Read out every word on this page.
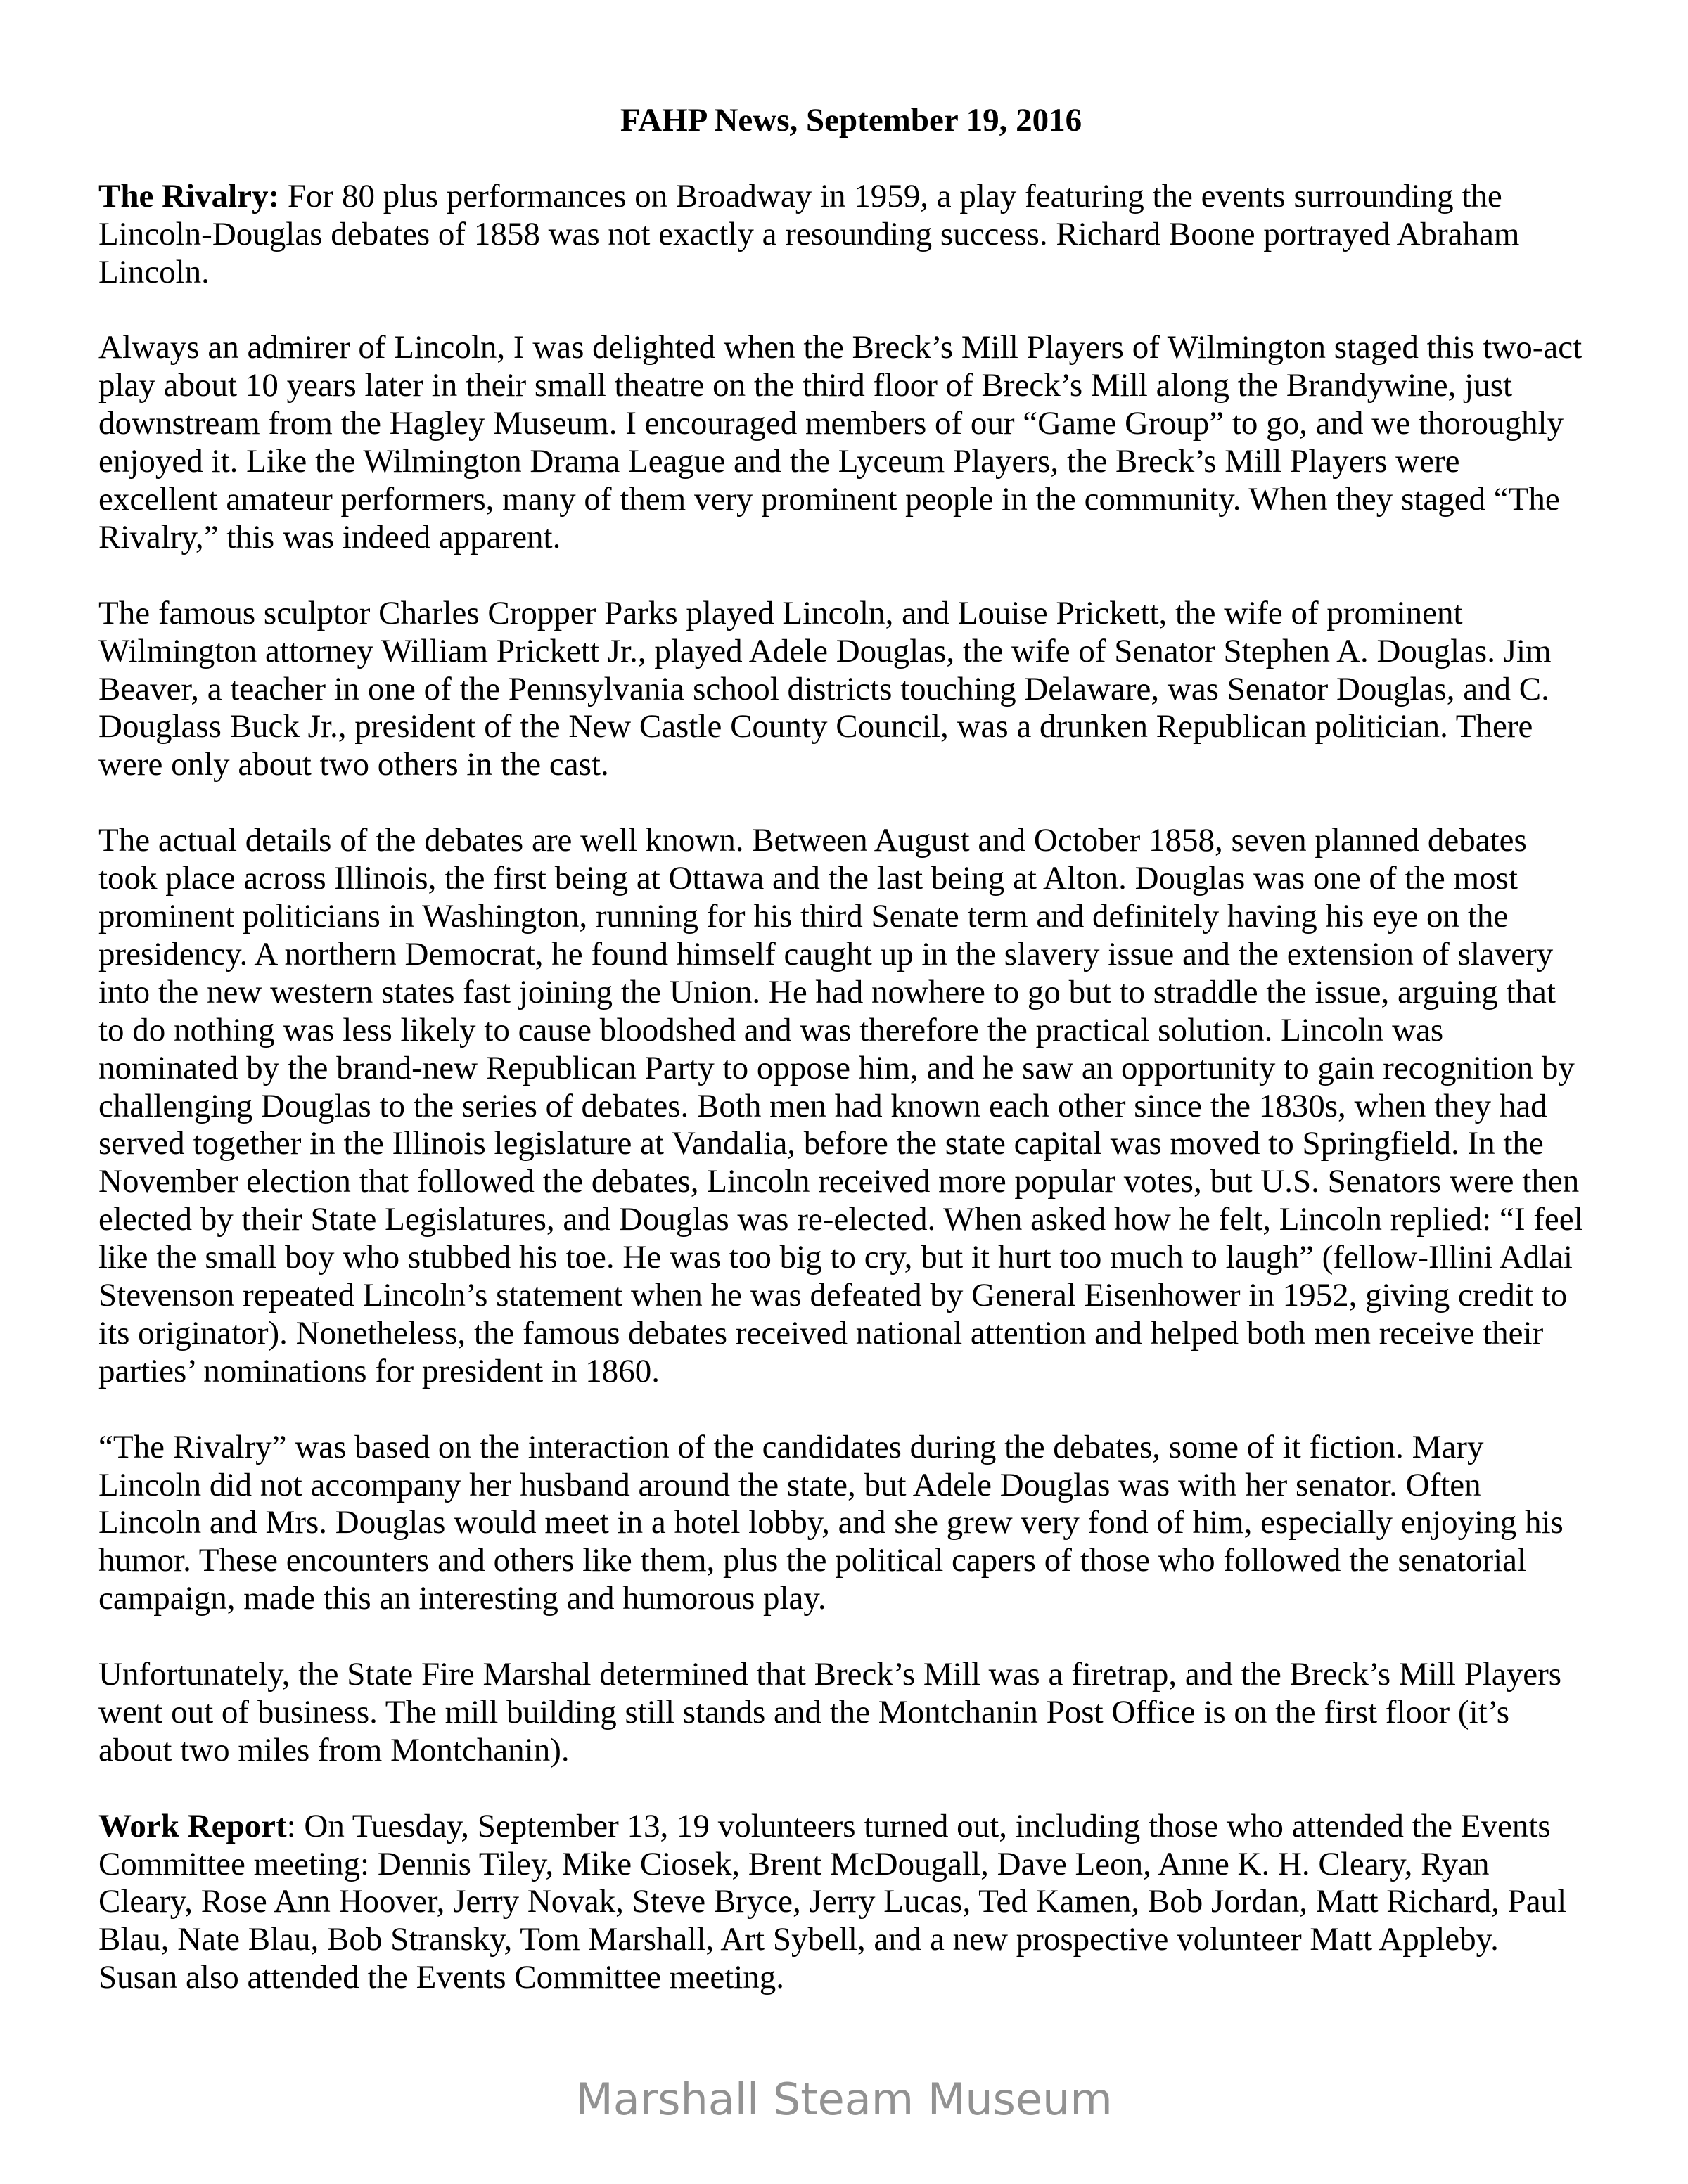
FAHP News, September 19, 2016
The Rivalry: For 80 plus performances on Broadway in 1959, a play featuring the events surrounding the
Lincoln-Douglas debates of 1858 was not exactly a resounding success. Richard Boone portrayed Abraham
Lincoln.
Always an admirer of Lincoln, I was delighted when the Breck’s Mill Players of Wilmington staged this two-act
play about 10 years later in their small theatre on the third floor of Breck’s Mill along the Brandywine, just
downstream from the Hagley Museum. I encouraged members of our “Game Group” to go, and we thoroughly
enjoyed it. Like the Wilmington Drama League and the Lyceum Players, the Breck’s Mill Players were
excellent amateur performers, many of them very prominent people in the community. When they staged “The
Rivalry,” this was indeed apparent.
The famous sculptor Charles Cropper Parks played Lincoln, and Louise Prickett, the wife of prominent
Wilmington attorney William Prickett Jr., played Adele Douglas, the wife of Senator Stephen A. Douglas. Jim
Beaver, a teacher in one of the Pennsylvania school districts touching Delaware, was Senator Douglas, and C.
Douglass Buck Jr., president of the New Castle County Council, was a drunken Republican politician. There
were only about two others in the cast.
The actual details of the debates are well known. Between August and October 1858, seven planned debates
took place across Illinois, the first being at Ottawa and the last being at Alton. Douglas was one of the most
prominent politicians in Washington, running for his third Senate term and definitely having his eye on the
presidency. A northern Democrat, he found himself caught up in the slavery issue and the extension of slavery
into the new western states fast joining the Union. He had nowhere to go but to straddle the issue, arguing that
to do nothing was less likely to cause bloodshed and was therefore the practical solution. Lincoln was
nominated by the brand-new Republican Party to oppose him, and he saw an opportunity to gain recognition by
challenging Douglas to the series of debates. Both men had known each other since the 1830s, when they had
served together in the Illinois legislature at Vandalia, before the state capital was moved to Springfield. In the
November election that followed the debates, Lincoln received more popular votes, but U.S. Senators were then
elected by their State Legislatures, and Douglas was re-elected. When asked how he felt, Lincoln replied: “I feel
like the small boy who stubbed his toe. He was too big to cry, but it hurt too much to laugh” (fellow-Illini Adlai
Stevenson repeated Lincoln’s statement when he was defeated by General Eisenhower in 1952, giving credit to
its originator). Nonetheless, the famous debates received national attention and helped both men receive their
parties’ nominations for president in 1860.
“The Rivalry” was based on the interaction of the candidates during the debates, some of it fiction. Mary
Lincoln did not accompany her husband around the state, but Adele Douglas was with her senator. Often
Lincoln and Mrs. Douglas would meet in a hotel lobby, and she grew very fond of him, especially enjoying his
humor. These encounters and others like them, plus the political capers of those who followed the senatorial
campaign, made this an interesting and humorous play.
Unfortunately, the State Fire Marshal determined that Breck’s Mill was a firetrap, and the Breck’s Mill Players
went out of business. The mill building still stands and the Montchanin Post Office is on the first floor (it’s
about two miles from Montchanin).
Work Report: On Tuesday, September 13, 19 volunteers turned out, including those who attended the Events
Committee meeting: Dennis Tiley, Mike Ciosek, Brent McDougall, Dave Leon, Anne K. H. Cleary, Ryan
Cleary, Rose Ann Hoover, Jerry Novak, Steve Bryce, Jerry Lucas, Ted Kamen, Bob Jordan, Matt Richard, Paul
Blau, Nate Blau, Bob Stransky, Tom Marshall, Art Sybell, and a new prospective volunteer Matt Appleby.
Susan also attended the Events Committee meeting.
Marshall Steam Museum
